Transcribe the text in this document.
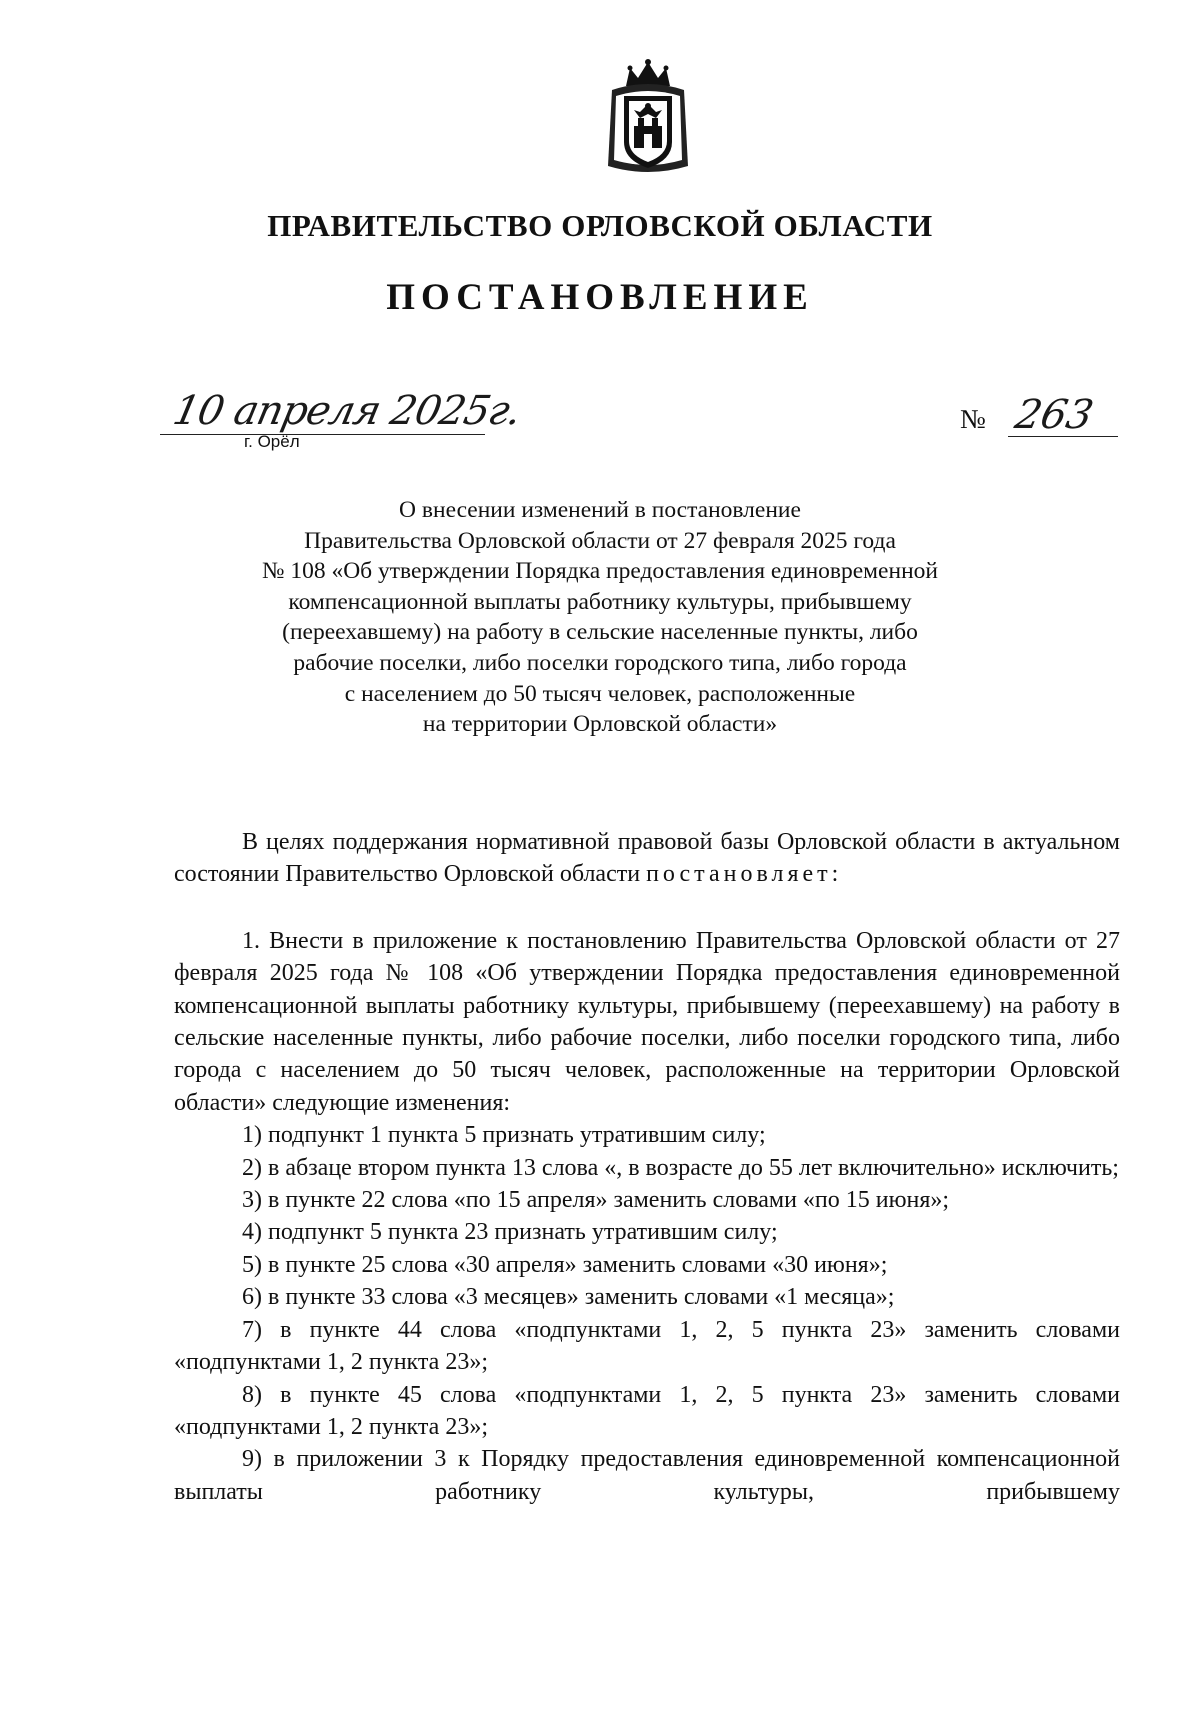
ПРАВИТЕЛЬСТВО ОРЛОВСКОЙ ОБЛАСТИ
ПОСТАНОВЛЕНИЕ
10 апреля 2025г.
г. Орёл
№ 263
О внесении изменений в постановление
Правительства Орловской области от 27 февраля 2025 года
№ 108 «Об утверждении Порядка предоставления единовременной
компенсационной выплаты работнику культуры, прибывшему
(переехавшему) на работу в сельские населенные пункты, либо
рабочие поселки, либо поселки городского типа, либо города
с населением до 50 тысяч человек, расположенные
на территории Орловской области»

В целях поддержания нормативной правовой базы Орловской области в актуальном состоянии Правительство Орловской области постановляет:

1. Внести в приложение к постановлению Правительства Орловской области от 27 февраля 2025 года № 108 «Об утверждении Порядка предоставления единовременной компенсационной выплаты работнику культуры, прибывшему (переехавшему) на работу в сельские населенные пункты, либо рабочие поселки, либо поселки городского типа, либо города с населением до 50 тысяч человек, расположенные на территории Орловской области» следующие изменения:

1) подпункт 1 пункта 5 признать утратившим силу;

2) в абзаце втором пункта 13 слова «, в возрасте до 55 лет включительно» исключить;

3) в пункте 22 слова «по 15 апреля» заменить словами «по 15 июня»;

4) подпункт 5 пункта 23 признать утратившим силу;

5) в пункте 25 слова «30 апреля» заменить словами «30 июня»;

6) в пункте 33 слова «3 месяцев» заменить словами «1 месяца»;

7) в пункте 44 слова «подпунктами 1, 2, 5 пункта 23» заменить словами «подпунктами 1, 2 пункта 23»;

8) в пункте 45 слова «подпунктами 1, 2, 5 пункта 23» заменить словами «подпунктами 1, 2 пункта 23»;

9) в приложении 3 к Порядку предоставления единовременной компенсационной выплаты работнику культуры, прибывшему
